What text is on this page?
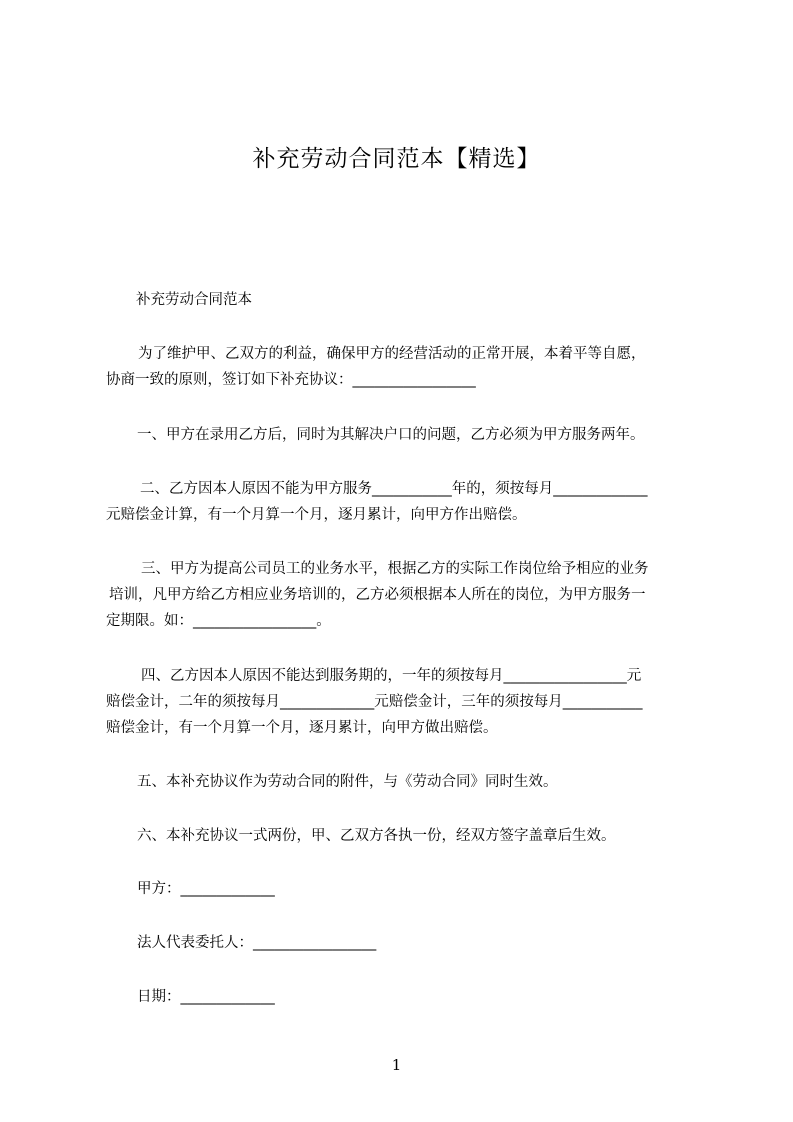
补充劳动合同范本【精选】
补充劳动合同范本
为了维护甲、乙双方的利益，确保甲方的经营活动的正常开展，本着平等自愿，
协商一致的原则，签订如下补充协议：_________________
一、甲方在录用乙方后，同时为其解决户口的问题，乙方必须为甲方服务两年。
二、乙方因本人原因不能为甲方服务___________年的，须按每月_____________
元赔偿金计算，有一个月算一个月，逐月累计，向甲方作出赔偿。
三、甲方为提高公司员工的业务水平，根据乙方的实际工作岗位给予相应的业务
培训，凡甲方给乙方相应业务培训的，乙方必须根据本人所在的岗位，为甲方服务一
定期限。如：_________________。
四、乙方因本人原因不能达到服务期的，一年的须按每月_________________元
赔偿金计，二年的须按每月_____________元赔偿金计，三年的须按每月___________
赔偿金计，有一个月算一个月，逐月累计，向甲方做出赔偿。
五、本补充协议作为劳动合同的附件，与《劳动合同》同时生效。
六、本补充协议一式两份，甲、乙双方各执一份，经双方签字盖章后生效。
甲方：_____________
法人代表委托人：_________________
日期：_____________
1
